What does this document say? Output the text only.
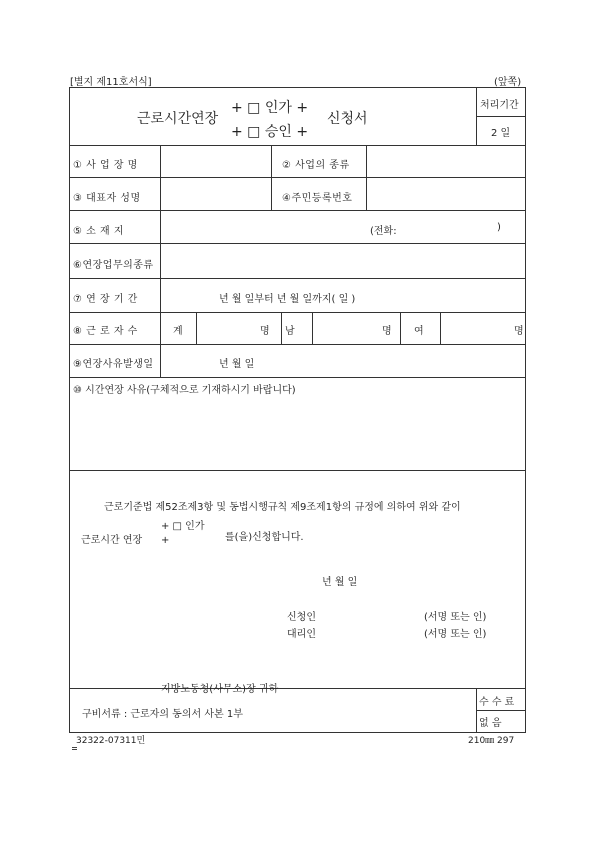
[별지 제11호서식]	(앞쪽)
근로시간연장
+ □ 인가 +
+ □ 승인 +
신청서
처리기간
2 일
① 사 업 장 명	② 사업의 종류
③ 대표자 성명	④주민등록번호
⑤ 소 재 지	(전화:	)
⑥연장업무의종류
⑦ 연 장 기 간	년 월 일부터 년 월 일까지( 일 )
⑧ 근 로 자 수	계	명 남	명 여	명
⑨연장사유발생일	년 월 일
⑩ 시간연장 사유(구체적으로 기재하시기 바랍니다)
근로기준법 제52조제3항 및 동법시행규칙 제9조제1항의 규정에 의하여 위와 같이
+ □ 인가
근로시간 연장 +	를(을)신청합니다.
년 월 일
신청인	(서명 또는 인)
대리인	(서명 또는 인)
지방노동청(사무소)장 귀하
구비서류 : 근로자의 동의서 사본 1부
수 수 료
없 음
32322-07311민	210㎜ 297
